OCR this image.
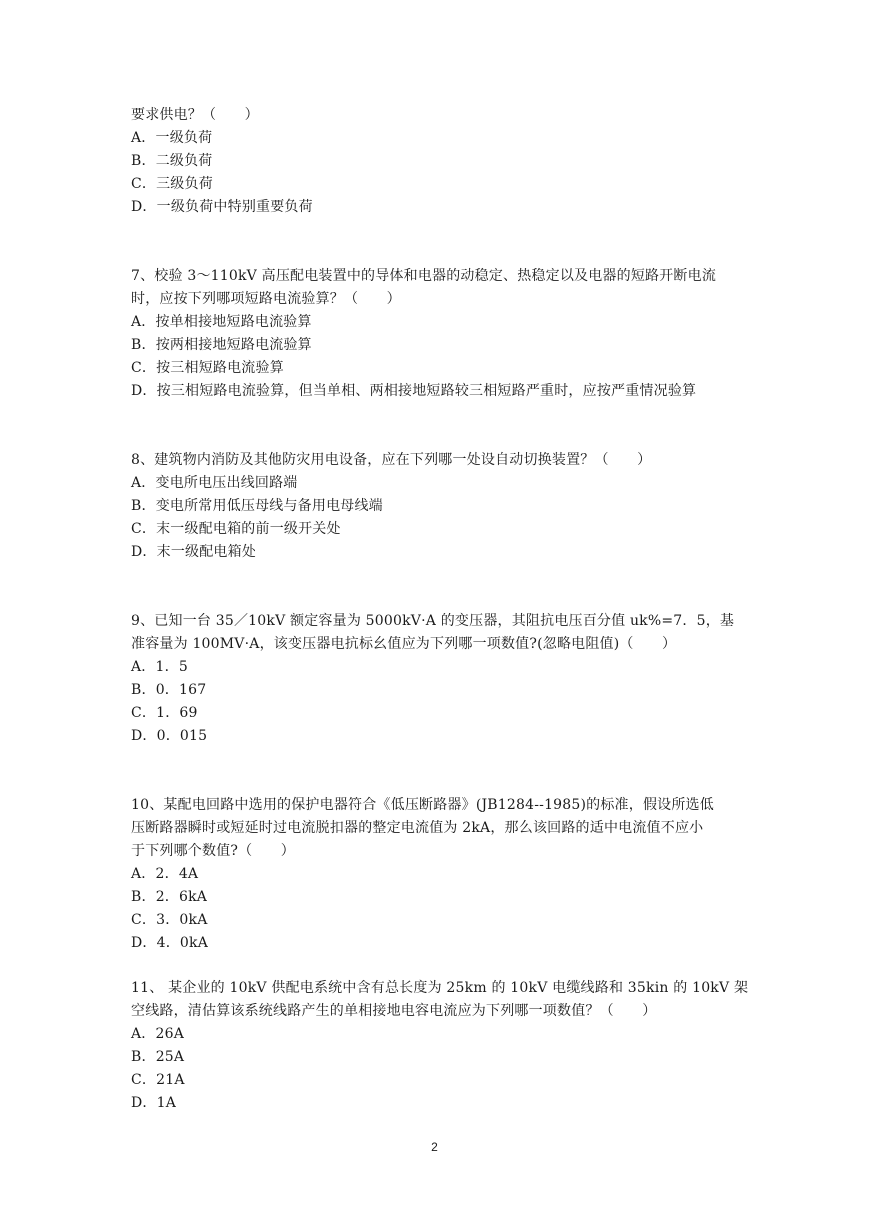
要求供电？（　　）
A．一级负荷
B．二级负荷
C．三级负荷
D．一级负荷中特别重要负荷
7、校验 3～110kV 高压配电装置中的导体和电器的动稳定、热稳定以及电器的短路开断电流
时，应按下列哪项短路电流验算？（　　）
A．按单相接地短路电流验算
B．按两相接地短路电流验算
C．按三相短路电流验算
D．按三相短路电流验算，但当单相、两相接地短路较三相短路严重时，应按严重情况验算
8、建筑物内消防及其他防灾用电设备，应在下列哪一处设自动切换装置？（　　）
A．变电所电压出线回路端
B．变电所常用低压母线与备用电母线端
C．末一级配电箱的前一级开关处
D．末一级配电箱处
9、已知一台 35／10kV 额定容量为 5000kV·A 的变压器，其阻抗电压百分值 uk%=7．5，基
准容量为 100MV·A，该变压器电抗标幺值应为下列哪一项数值?(忽略电阻值)（　　）
A．1．5
B．0．167
C．1．69
D．0．015
10、某配电回路中选用的保护电器符合《低压断路器》(JB1284--1985)的标准，假设所选低
压断路器瞬时或短延时过电流脱扣器的整定电流值为 2kA，那么该回路的适中电流值不应小
于下列哪个数值?（　　）
A．2．4A
B．2．6kA
C．3．0kA
D．4．0kA
11、 某企业的 10kV 供配电系统中含有总长度为 25km 的 10kV 电缆线路和 35kin 的 10kV 架
空线路，清估算该系统线路产生的单相接地电容电流应为下列哪一项数值？（　　）
A．26A
B．25A
C．21A
D．1A
2
